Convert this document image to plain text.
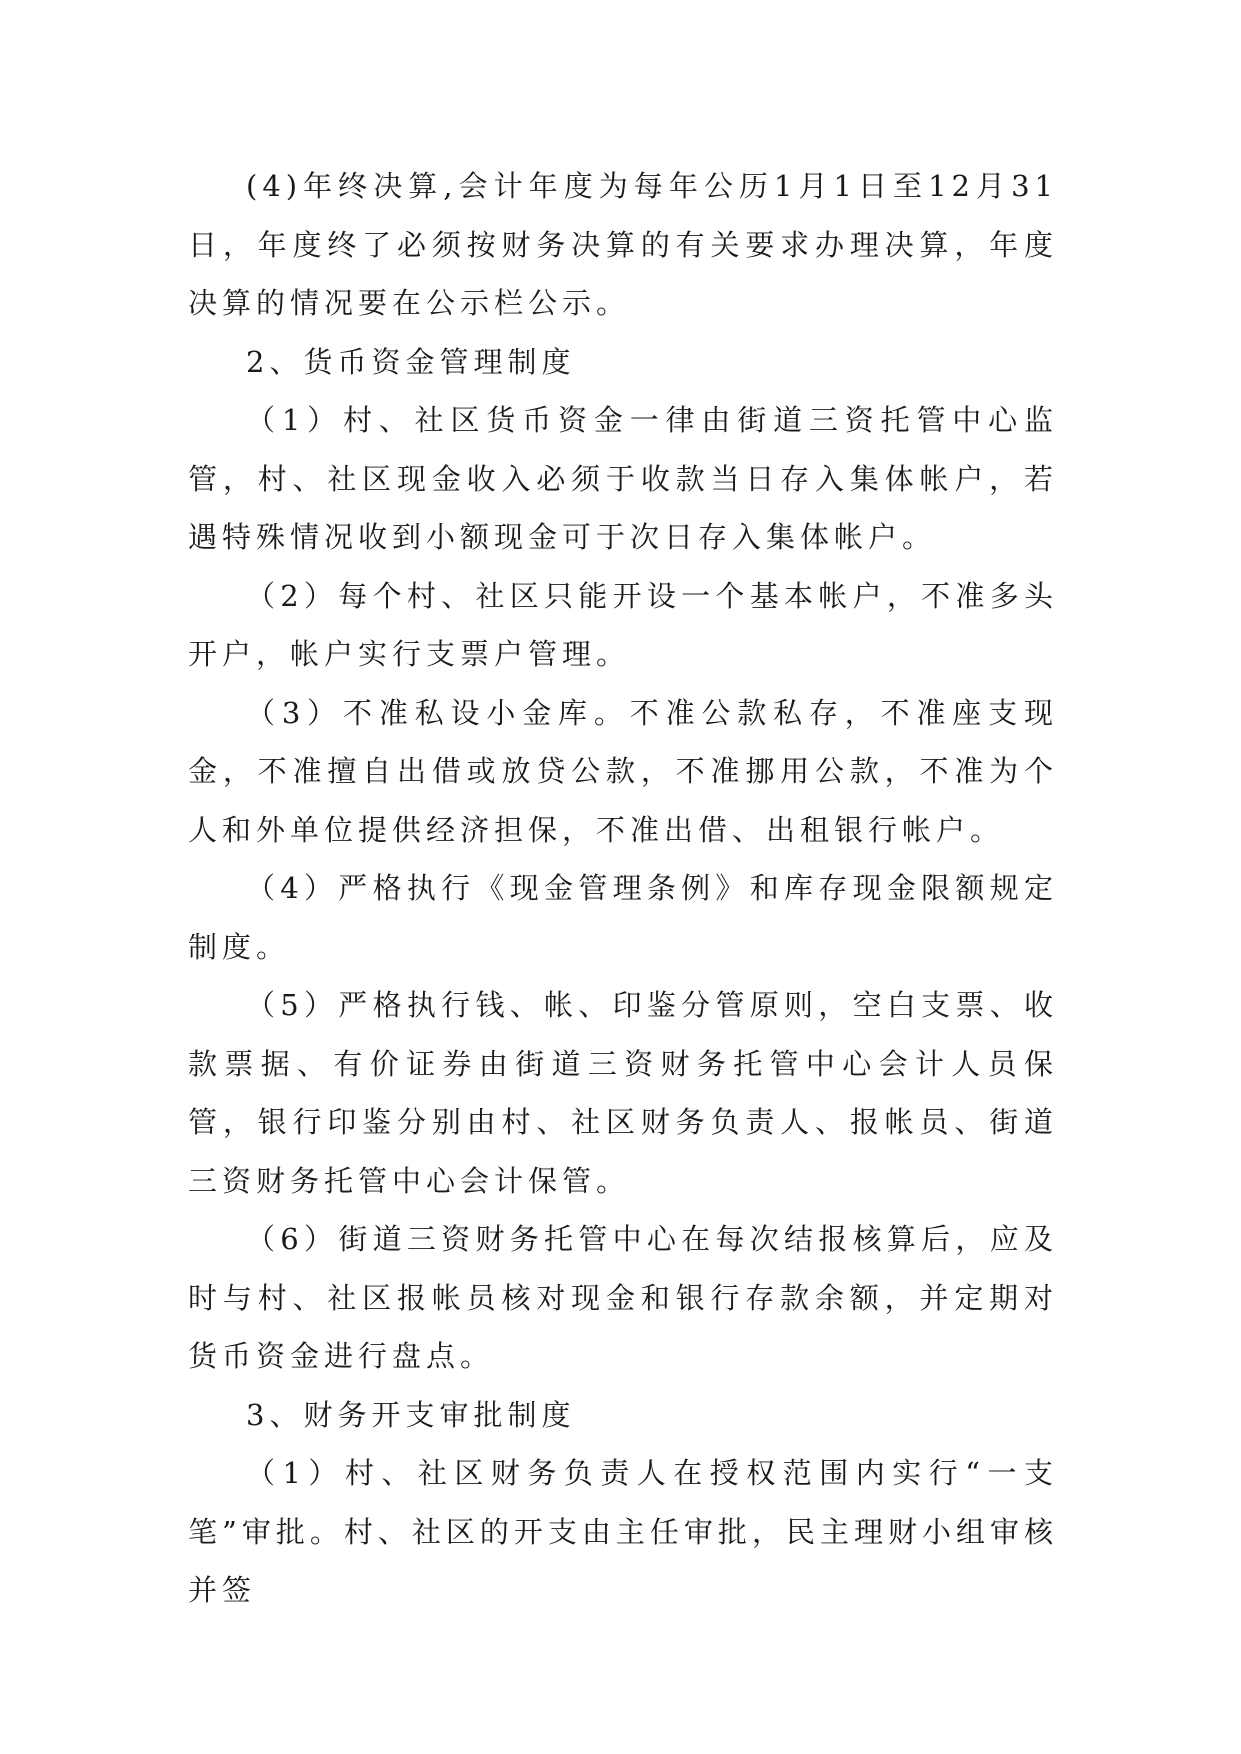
(4)年终决算,会计年度为每年公历1月1日至12月31日，年度终了必须按财务决算的有关要求办理决算，年度决算的情况要在公示栏公示。

2、货币资金管理制度

（1）村、社区货币资金一律由街道三资托管中心监管，村、社区现金收入必须于收款当日存入集体帐户，若遇特殊情况收到小额现金可于次日存入集体帐户。

（2）每个村、社区只能开设一个基本帐户，不准多头开户，帐户实行支票户管理。

（3）不准私设小金库。不准公款私存，不准座支现金，不准擅自出借或放贷公款，不准挪用公款，不准为个人和外单位提供经济担保，不准出借、出租银行帐户。

（4）严格执行《现金管理条例》和库存现金限额规定制度。

（5）严格执行钱、帐、印鉴分管原则，空白支票、收款票据、有价证券由街道三资财务托管中心会计人员保管，银行印鉴分别由村、社区财务负责人、报帐员、街道三资财务托管中心会计保管。

（6）街道三资财务托管中心在每次结报核算后，应及时与村、社区报帐员核对现金和银行存款余额，并定期对货币资金进行盘点。

3、财务开支审批制度

（1）村、社区财务负责人在授权范围内实行“一支笔”审批。村、社区的开支由主任审批，民主理财小组审核并签
